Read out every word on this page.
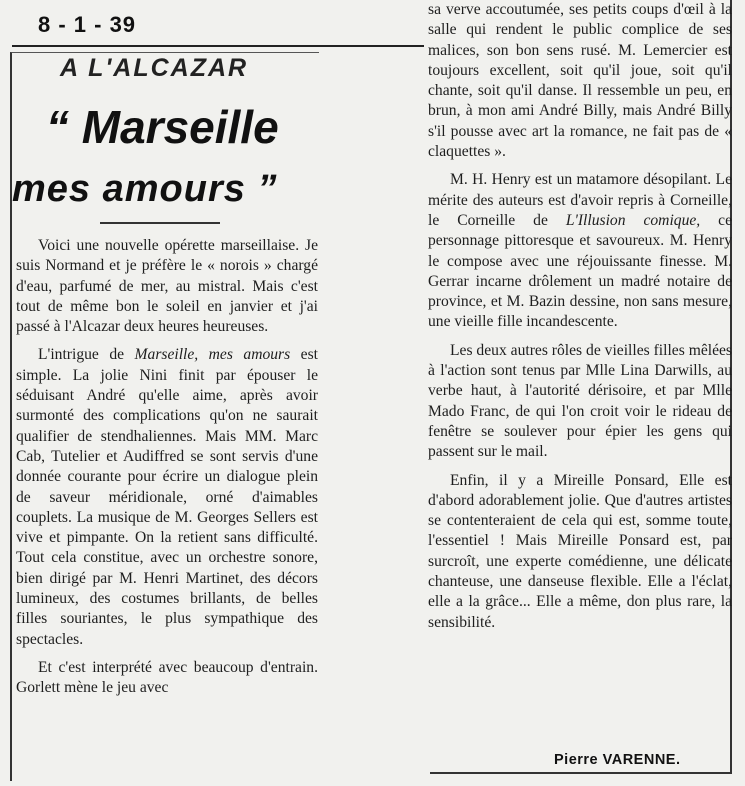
8 - 1 - 39
A L'ALCAZAR
“ Marseille
mes amours ”

Voici une nouvelle opérette marseillaise. Je suis Normand et je préfère le « norois » chargé d'eau, parfumé de mer, au mistral. Mais c'est tout de même bon le soleil en janvier et j'ai passé à l'Alcazar deux heures heureuses.

L'intrigue de Marseille, mes amours est simple. La jolie Nini finit par épouser le séduisant André qu'elle aime, après avoir surmonté des complications qu'on ne saurait qualifier de stendhaliennes. Mais MM. Marc Cab, Tutelier et Audiffred se sont servis d'une donnée courante pour écrire un dialogue plein de saveur méridionale, orné d'aimables couplets. La musique de M. Georges Sellers est vive et pimpante. On la retient sans difficulté. Tout cela constitue, avec un orchestre sonore, bien dirigé par M. Henri Martinet, des décors lumineux, des costumes brillants, de belles filles souriantes, le plus sympathique des spectacles.

Et c'est interprété avec beaucoup d'entrain. Gorlett mène le jeu avec

sa verve accoutumée, ses petits coups d'œil à la salle qui rendent le public complice de ses malices, son bon sens rusé. M. Lemercier est toujours excellent, soit qu'il joue, soit qu'il chante, soit qu'il danse. Il ressemble un peu, en brun, à mon ami André Billy, mais André Billy s'il pousse avec art la romance, ne fait pas de « claquettes ».

M. H. Henry est un matamore désopilant. Le mérite des auteurs est d'avoir repris à Corneille, le Corneille de L'Illusion comique, ce personnage pittoresque et savoureux. M. Henry le compose avec une réjouissante finesse. M. Gerrar incarne drôlement un madré notaire de province, et M. Bazin dessine, non sans mesure, une vieille fille incandescente.

Les deux autres rôles de vieilles filles mêlées à l'action sont tenus par Mlle Lina Darwills, au verbe haut, à l'autorité dérisoire, et par Mlle Mado Franc, de qui l'on croit voir le rideau de fenêtre se soulever pour épier les gens qui passent sur le mail.

Enfin, il y a Mireille Ponsard, Elle est d'abord adorablement jolie. Que d'autres artistes se contenteraient de cela qui est, somme toute, l'essentiel ! Mais Mireille Ponsard est, par surcroît, une experte comédienne, une délicate chanteuse, une danseuse flexible. Elle a l'éclat, elle a la grâce... Elle a même, don plus rare, la sensibilité.

Pierre VARENNE.
